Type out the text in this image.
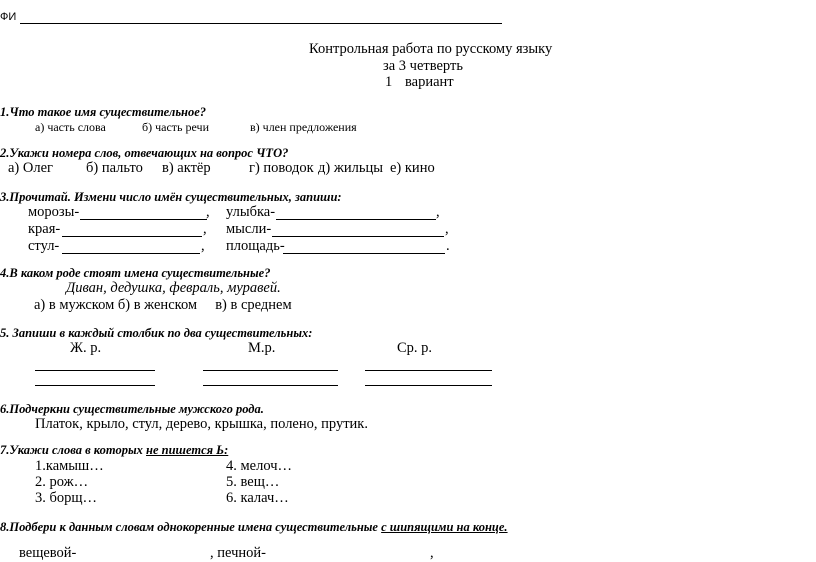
ФИ
Контрольная работа по русскому языку
за 3 четверть
1 вариант
1.Что такое имя существительное?
а) часть слова	б) часть речи	в) член предложения
2.Укажи номера слов, отвечающих на вопрос ЧТО?
а) Олег б) пальто в) актёр	г) поводок д) жильцы е) кино
3.Прочитай. Измени число имён существительных, запиши:
морозы-	, улыбка-	,
края-	, мысли-	,
стул-	, площадь-	.
4.В каком роде стоят имена существительные?
Диван, дедушка, февраль, муравей.
а) в мужском б) в женском     в) в среднем
5. Запиши в каждый столбик по два существительных:
Ж. р.	М.р.	Ср. р.
6.Подчеркни существительные мужского рода.
Платок, крыло, стул, дерево, крышка, полено, прутик.
7.Укажи слова в которых не пишется Ь:
1.камыш…	4. мелоч…
2. рож…	5. вещ…
3. борщ…	6. калач…
8.Подбери к данным словам однокоренные имена существительные с шипящими на конце.
вещевой-	, печной-	,
